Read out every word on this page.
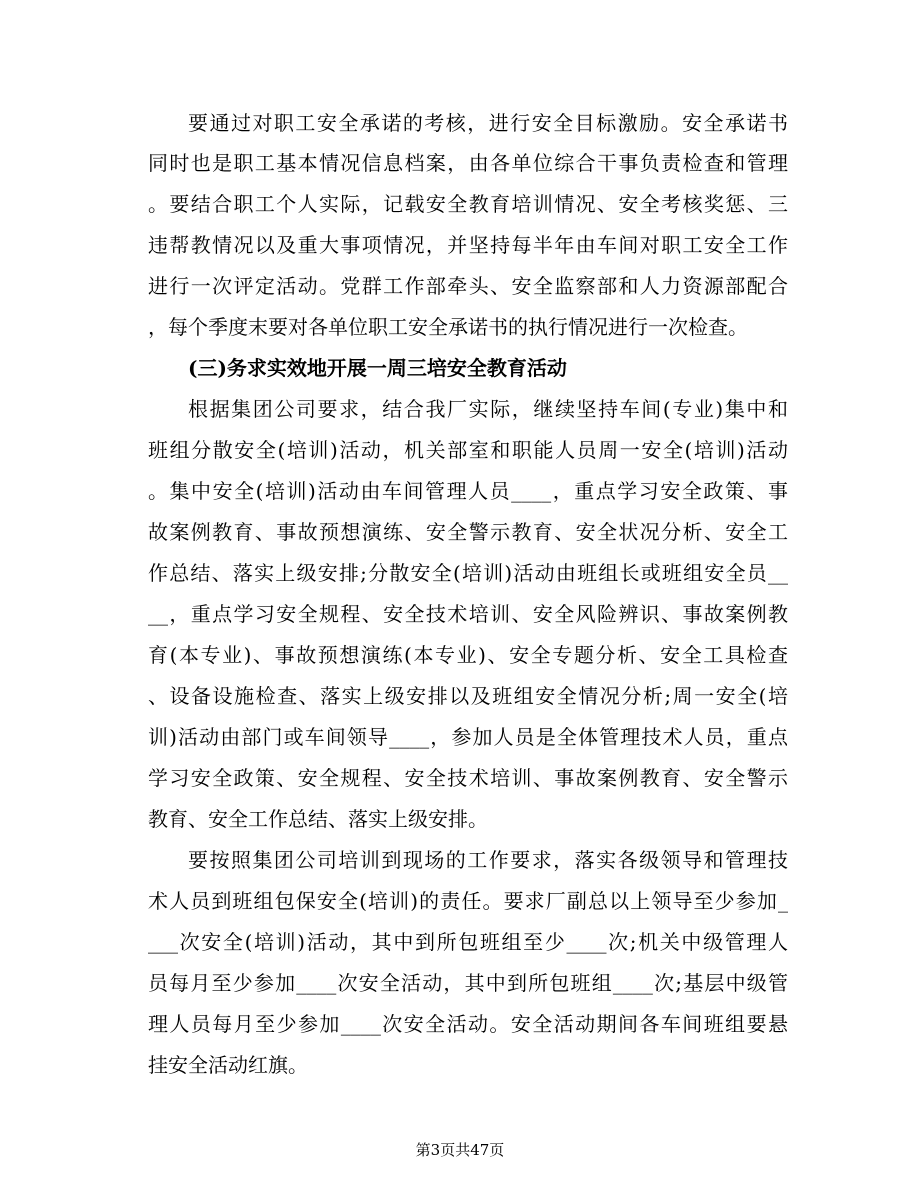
要通过对职工安全承诺的考核，进行安全目标激励。安全承诺书
同时也是职工基本情况信息档案，由各单位综合干事负责检查和管理
。要结合职工个人实际，记载安全教育培训情况、安全考核奖惩、三
违帮教情况以及重大事项情况，并坚持每半年由车间对职工安全工作
进行一次评定活动。党群工作部牵头、安全监察部和人力资源部配合
，每个季度末要对各单位职工安全承诺书的执行情况进行一次检查。
(三)务求实效地开展一周三培安全教育活动
根据集团公司要求，结合我厂实际，继续坚持车间(专业)集中和
班组分散安全(培训)活动，机关部室和职能人员周一安全(培训)活动
。集中安全(培训)活动由车间管理人员____，重点学习安全政策、事
故案例教育、事故预想演练、安全警示教育、安全状况分析、安全工
作总结、落实上级安排;分散安全(培训)活动由班组长或班组安全员__
__，重点学习安全规程、安全技术培训、安全风险辨识、事故案例教
育(本专业)、事故预想演练(本专业)、安全专题分析、安全工具检查
、设备设施检查、落实上级安排以及班组安全情况分析;周一安全(培
训)活动由部门或车间领导____，参加人员是全体管理技术人员，重点
学习安全政策、安全规程、安全技术培训、事故案例教育、安全警示
教育、安全工作总结、落实上级安排。
要按照集团公司培训到现场的工作要求，落实各级领导和管理技
术人员到班组包保安全(培训)的责任。要求厂副总以上领导至少参加_
___次安全(培训)活动，其中到所包班组至少____次;机关中级管理人
员每月至少参加____次安全活动，其中到所包班组____次;基层中级管
理人员每月至少参加____次安全活动。安全活动期间各车间班组要悬
挂安全活动红旗。
第3页共47页
